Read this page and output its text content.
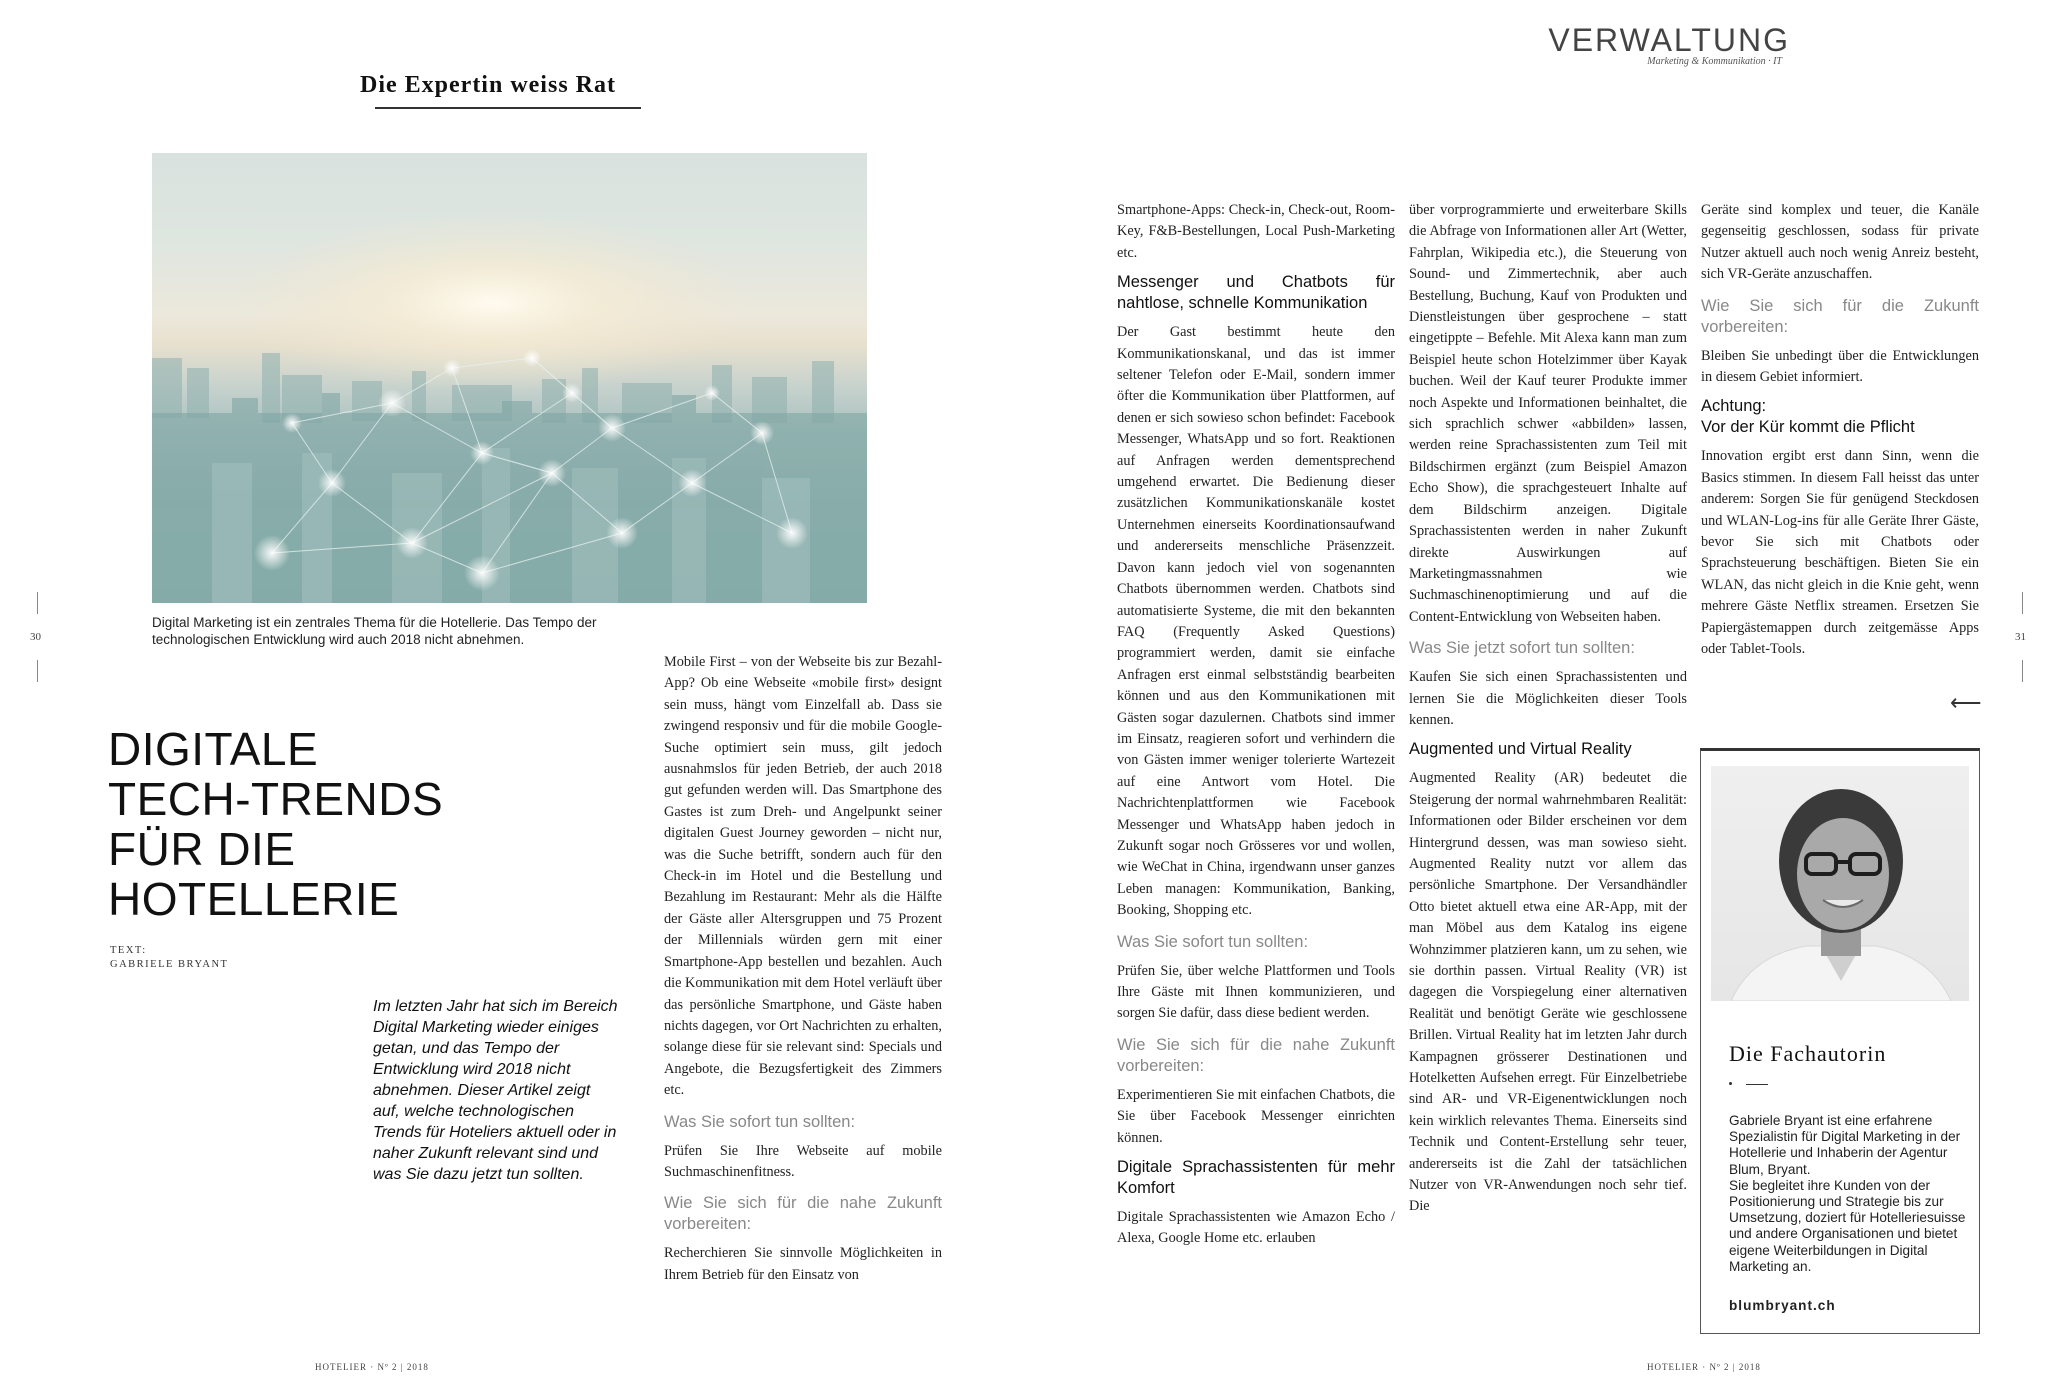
Die Expertin weiss Rat
VERWALTUNG
Marketing & Kommunikation · IT
Digital Marketing ist ein zentrales Thema für die Hotellerie. Das Tempo der technologischen Entwicklung wird auch 2018 nicht abnehmen.
30	31
DIGITALE
TECH-TRENDS
FÜR DIE
HOTELLERIE
TEXT:
GABRIELE BRYANT
Im letzten Jahr hat sich im Bereich Digital Marketing wieder einiges getan, und das Tempo der Entwicklung wird 2018 nicht abnehmen. Dieser Artikel zeigt auf, welche technologischen Trends für Hoteliers aktuell oder in naher Zukunft relevant sind und was Sie dazu jetzt tun sollten.

Mobile First – von der Webseite bis zur Bezahl-App? Ob eine Webseite «mobile first» designt sein muss, hängt vom Einzelfall ab. Dass sie zwingend responsiv und für die mobile Google-Suche optimiert sein muss, gilt jedoch ausnahmslos für jeden Betrieb, der auch 2018 gut gefunden werden will. Das Smartphone des Gastes ist zum Dreh- und Angelpunkt seiner digitalen Guest Journey geworden – nicht nur, was die Suche betrifft, sondern auch für den Check-in im Hotel und die Bestellung und Bezahlung im Restaurant: Mehr als die Hälfte der Gäste aller Altersgruppen und 75 Prozent der Millennials würden gern mit einer Smartphone-App bestellen und bezahlen. Auch die Kommunikation mit dem Hotel verläuft über das persönliche Smartphone, und Gäste haben nichts dagegen, vor Ort Nachrichten zu erhalten, solange diese für sie relevant sind: Specials und Angebote, die Bezugsfertigkeit des Zimmers etc.

Was Sie sofort tun sollten:

Prüfen Sie Ihre Webseite auf mobile Suchmaschinenfitness.

Wie Sie sich für die nahe Zukunft vorbereiten:

Recherchieren Sie sinnvolle Möglichkeiten in Ihrem Betrieb für den Einsatz von

Smartphone-Apps: Check-in, Check-out, Room-Key, F&B-Bestellungen, Local Push-Marketing etc.

Messenger und Chatbots für nahtlose, schnelle Kommunikation

Der Gast bestimmt heute den Kommunikationskanal, und das ist immer seltener Telefon oder E-Mail, sondern immer öfter die Kommunikation über Plattformen, auf denen er sich sowieso schon befindet: Facebook Messenger, WhatsApp und so fort. Reaktionen auf Anfragen werden dementsprechend umgehend erwartet. Die Bedienung dieser zusätzlichen Kommunikationskanäle kostet Unternehmen einerseits Koordinationsaufwand und andererseits menschliche Präsenzzeit. Davon kann jedoch viel von sogenannten Chatbots übernommen werden. Chatbots sind automatisierte Systeme, die mit den bekannten FAQ (Frequently Asked Questions) programmiert werden, damit sie einfache Anfragen erst einmal selbstständig bearbeiten können und aus den Kommunikationen mit Gästen sogar dazulernen. Chatbots sind immer im Einsatz, reagieren sofort und verhindern die von Gästen immer weniger tolerierte Wartezeit auf eine Antwort vom Hotel. Die Nachrichtenplattformen wie Facebook Messenger und WhatsApp haben jedoch in Zukunft sogar noch Grösseres vor und wollen, wie WeChat in China, irgendwann unser ganzes Leben managen: Kommunikation, Banking, Booking, Shopping etc.

Was Sie sofort tun sollten:

Prüfen Sie, über welche Plattformen und Tools Ihre Gäste mit Ihnen kommunizieren, und sorgen Sie dafür, dass diese bedient werden.

Wie Sie sich für die nahe Zukunft vorbereiten:

Experimentieren Sie mit einfachen Chatbots, die Sie über Facebook Messenger einrichten können.

Digitale Sprachassistenten für mehr Komfort

Digitale Sprachassistenten wie Amazon Echo / Alexa, Google Home etc. erlauben

über vorprogrammierte und erweiterbare Skills die Abfrage von Informationen aller Art (Wetter, Fahrplan, Wikipedia etc.), die Steuerung von Sound- und Zimmertechnik, aber auch Bestellung, Buchung, Kauf von Produkten und Dienstleistungen über gesprochene – statt eingetippte – Befehle. Mit Alexa kann man zum Beispiel heute schon Hotelzimmer über Kayak buchen. Weil der Kauf teurer Produkte immer noch Aspekte und Informationen beinhaltet, die sich sprachlich schwer «abbilden» lassen, werden reine Sprachassistenten zum Teil mit Bildschirmen ergänzt (zum Beispiel Amazon Echo Show), die sprachgesteuert Inhalte auf dem Bildschirm anzeigen. Digitale Sprachassistenten werden in naher Zukunft direkte Auswirkungen auf Marketingmassnahmen wie Suchmaschinenoptimierung und auf die Content-Entwicklung von Webseiten haben.

Was Sie jetzt sofort tun sollten:

Kaufen Sie sich einen Sprachassistenten und lernen Sie die Möglichkeiten dieser Tools kennen.

Augmented und Virtual Reality

Augmented Reality (AR) bedeutet die Steigerung der normal wahrnehmbaren Realität: Informationen oder Bilder erscheinen vor dem Hintergrund dessen, was man sowieso sieht. Augmented Reality nutzt vor allem das persönliche Smartphone. Der Versandhändler Otto bietet aktuell etwa eine AR-App, mit der man Möbel aus dem Katalog ins eigene Wohnzimmer platzieren kann, um zu sehen, wie sie dorthin passen. Virtual Reality (VR) ist dagegen die Vorspiegelung einer alternativen Realität und benötigt Geräte wie geschlossene Brillen. Virtual Reality hat im letzten Jahr durch Kampagnen grösserer Destinationen und Hotelketten Aufsehen erregt. Für Einzelbetriebe sind AR- und VR-Eigenentwicklungen noch kein wirklich relevantes Thema. Einerseits sind Technik und Content-Erstellung sehr teuer, andererseits ist die Zahl der tatsächlichen Nutzer von VR-Anwendungen noch sehr tief. Die

Geräte sind komplex und teuer, die Kanäle gegenseitig geschlossen, sodass für private Nutzer aktuell auch noch wenig Anreiz besteht, sich VR-Geräte anzuschaffen.

Wie Sie sich für die Zukunft vorbereiten:

Bleiben Sie unbedingt über die Entwicklungen in diesem Gebiet informiert.

Achtung:
Vor der Kür kommt die Pflicht

Innovation ergibt erst dann Sinn, wenn die Basics stimmen. In diesem Fall heisst das unter anderem: Sorgen Sie für genügend Steckdosen und WLAN-Log-ins für alle Geräte Ihrer Gäste, bevor Sie sich mit Chatbots oder Sprachsteuerung beschäftigen. Bieten Sie ein WLAN, das nicht gleich in die Knie geht, wenn mehrere Gäste Netflix streamen. Ersetzen Sie Papiergästemappen durch zeitgemässe Apps oder Tablet-Tools.

⟵
Die Fachautorin
Gabriele Bryant ist eine erfahrene Spezialistin für Digital Marketing in der Hotellerie und Inhaberin der Agentur Blum, Bryant.
Sie begleitet ihre Kunden von der Positionierung und Strategie bis zur Umsetzung, doziert für Hotelleriesuisse und andere Organisationen und bietet eigene Weiterbildungen in Digital Marketing an.
blumbryant.ch
HOTELIER · Nº 2 | 2018	HOTELIER · Nº 2 | 2018
